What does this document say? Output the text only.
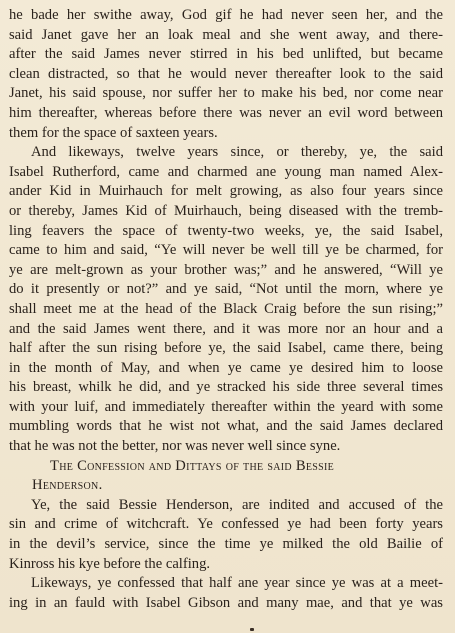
he bade her swithe away, God gif he had never seen her, and the
said Janet gave her an loak meal and she went away, and there-
after the said James never stirred in his bed unlifted, but became
clean distracted, so that he would never thereafter look to the said
Janet, his said spouse, nor suffer her to make his bed, nor come near
him thereafter, whereas before there was never an evil word between
them for the space of saxteen years.
And likeways, twelve years since, or thereby, ye, the said
Isabel Rutherford, came and charmed ane young man named Alex-
ander Kid in Muirhauch for melt growing, as also four years since
or thereby, James Kid of Muirhauch, being diseased with the tremb-
ling feavers the space of twenty-two weeks, ye, the said Isabel,
came to him and said, “Ye will never be well till ye be charmed, for
ye are melt-grown as your brother was;” and he answered, “Will ye
do it presently or not?” and ye said, “Not until the morn, where ye
shall meet me at the head of the Black Craig before the sun rising;”
and the said James went there, and it was more nor an hour and a
half after the sun rising before ye, the said Isabel, came there, being
in the month of May, and when ye came ye desired him to loose
his breast, whilk he did, and ye stracked his side three several times
with your luif, and immediately thereafter within the yeard with some
mumbling words that he wist not what, and the said James declared
that he was not the better, nor was never well since syne.
The Confession and Dittays of the said Bessie
Henderson.
Ye, the said Bessie Henderson, are indited and accused of the
sin and crime of witchcraft. Ye confessed ye had been forty years
in the devil’s service, since the time ye milked the old Bailie of
Kinross his kye before the calfing.
Likeways, ye confessed that half ane year since ye was at a meet-
ing in an fauld with Isabel Gibson and many mae, and that ye was
